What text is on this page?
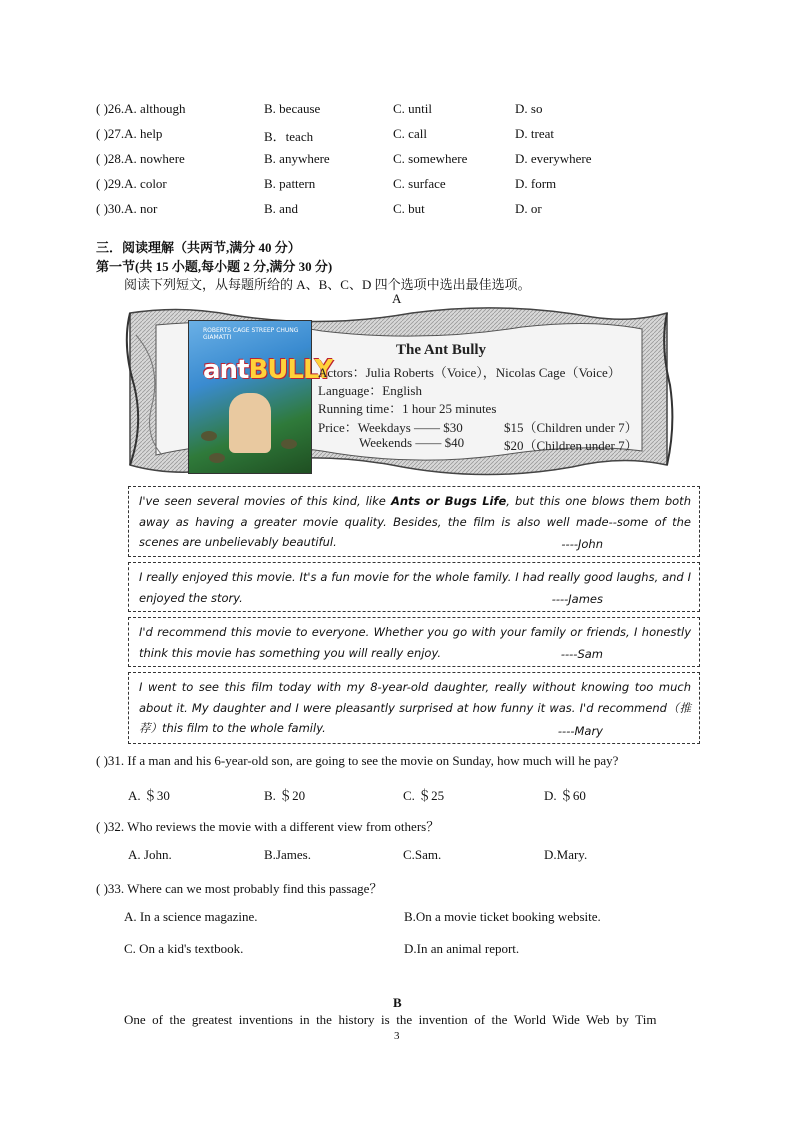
( )26.A. although	B. because	C. until	D. so
( )27.A. help	B．teach	C. call	D. treat
( )28.A. nowhere	B. anywhere	C. somewhere	D. everywhere
( )29.A. color	B. pattern	C. surface	D. form
( )30.A. nor	B. and	C. but	D. or
三．阅读理解（共两节,满分 40 分）
第一节(共 15 小题,每小题 2 分,满分 30 分)
阅读下列短文，从每题所给的 A、B、C、D 四个选项中选出最佳选项。
A
ROBERTS CAGE STREEP CHUNG GIAMATTI
antBULLY
The Ant Bully
Actors：Julia Roberts（Voice），Nicolas Cage（Voice）
Language：English
Running time：1 hour 25 minutes
Price：Weekdays —— $30	$15（Children under 7）
Weekends —— $40	$20（Children under 7）
I've seen several movies of this kind, like Ants or Bugs Life, but this one blows them both away as having a greater movie quality. Besides, the film is also well made--some of the scenes are unbelievably beautiful.	----John
I really enjoyed this movie. It's a fun movie for the whole family. I had really good laughs, and I enjoyed the story.	----James
I'd recommend this movie to everyone. Whether you go with your family or friends, I honestly think this movie has something you will really enjoy.	----Sam
I went to see this film today with my 8-year-old daughter, really without knowing too much about it. My daughter and I were pleasantly surprised at how funny it was. I'd recommend（推荐）this film to the whole family.	----Mary
( )31. If a man and his 6-year-old son, are going to see the movie on Sunday, how much will he pay?
A. ＄30	B. ＄20	C. ＄25	D. ＄60
( )32. Who reviews the movie with a different view from others？
A. John.	B.James.	C.Sam.	D.Mary.
( )33. Where can we most probably find this passage？
A. In a science magazine.	B.On a movie ticket booking website.
C. On a kid's textbook.	D.In an animal report.
B
One  of  the  greatest  inventions  in  the  history  is  the  invention  of  the  World  Wide  Web  by  Tim
3
